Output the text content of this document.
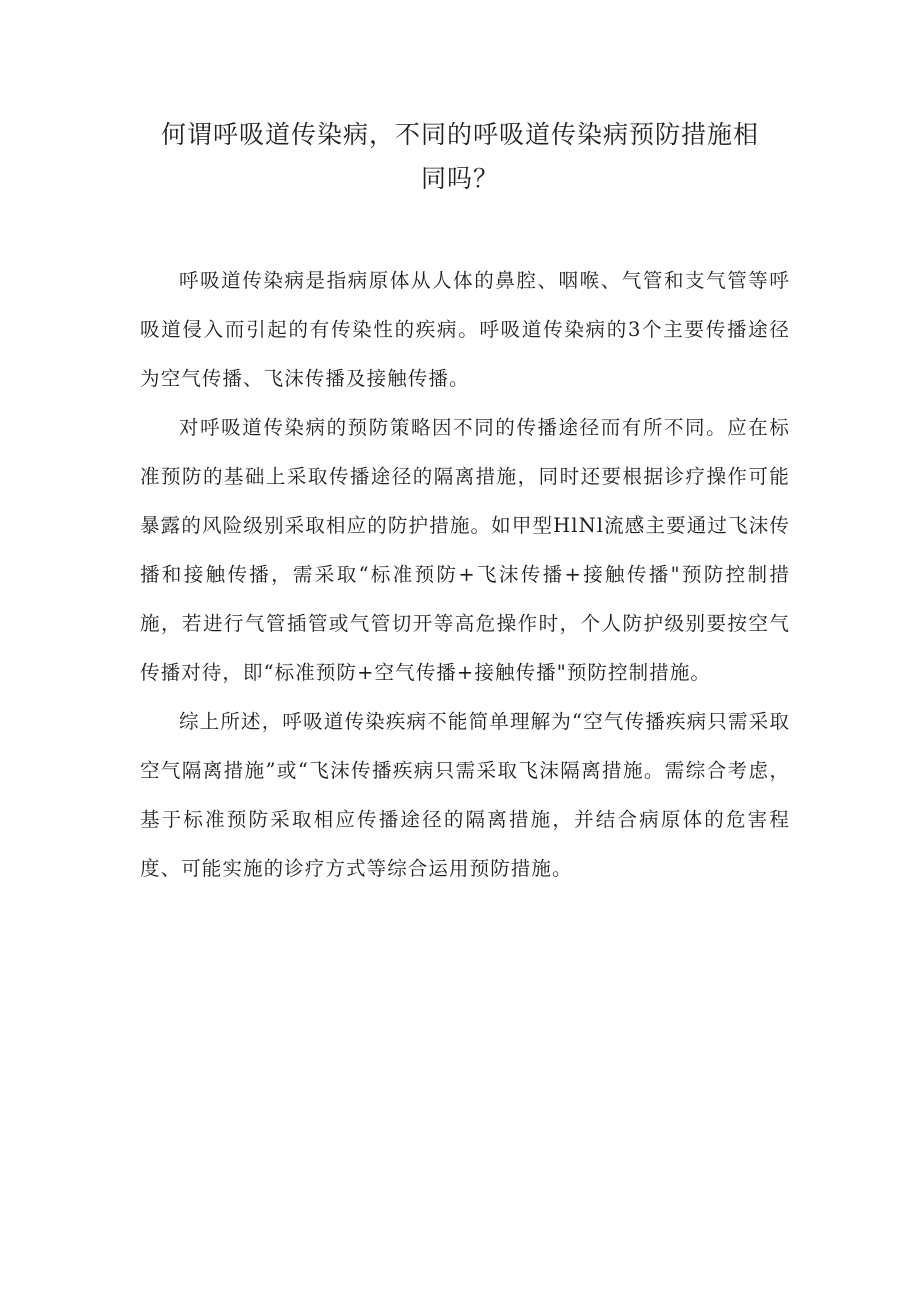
何谓呼吸道传染病，不同的呼吸道传染病预防措施相
同吗？

呼吸道传染病是指病原体从人体的鼻腔、咽喉、气管和支气管等呼吸道侵入而引起的有传染性的疾病。呼吸道传染病的3个主要传播途径为空气传播、飞沫传播及接触传播。

对呼吸道传染病的预防策略因不同的传播途径而有所不同。应在标准预防的基础上采取传播途径的隔离措施，同时还要根据诊疗操作可能暴露的风险级别采取相应的防护措施。如甲型HlNl流感主要通过飞沫传播和接触传播，需采取“标准预防+飞沫传播+接触传播"预防控制措施，若进行气管插管或气管切开等高危操作时，个人防护级别要按空气传播对待，即“标准预防+空气传播+接触传播"预防控制措施。

综上所述，呼吸道传染疾病不能简单理解为“空气传播疾病只需采取空气隔离措施”或“飞沫传播疾病只需采取飞沫隔离措施。需综合考虑，基于标准预防采取相应传播途径的隔离措施，并结合病原体的危害程度、可能实施的诊疗方式等综合运用预防措施。
